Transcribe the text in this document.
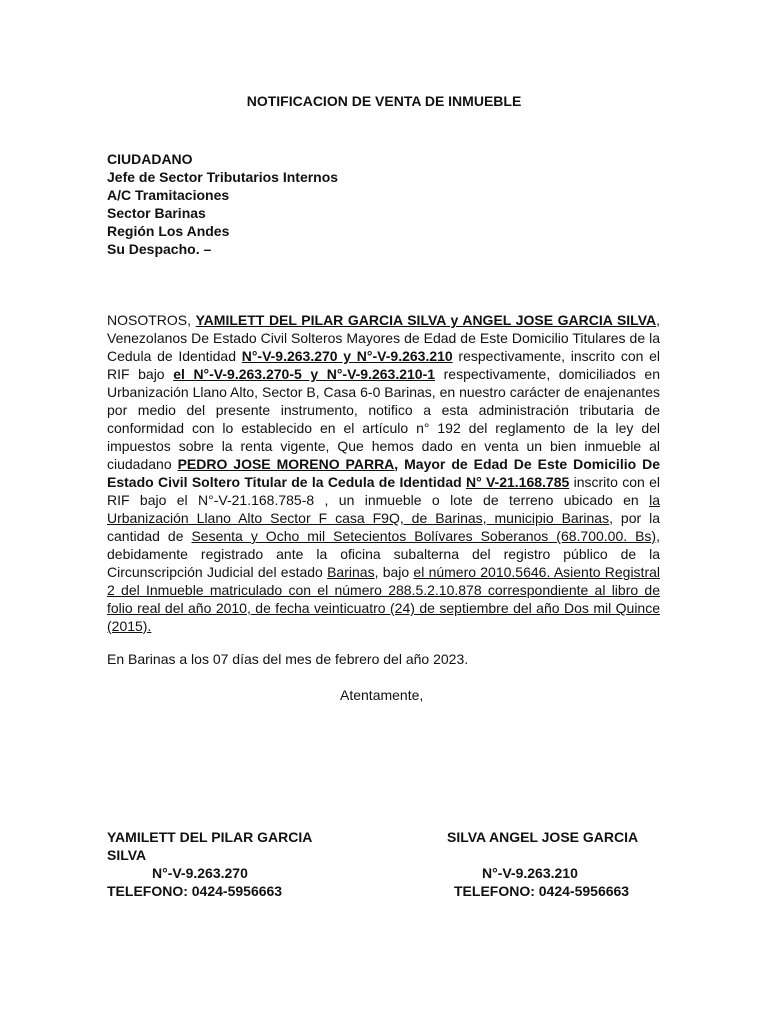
NOTIFICACION DE VENTA DE INMUEBLE
CIUDADANO
Jefe de Sector Tributarios Internos
A/C Tramitaciones
Sector Barinas
Región Los Andes
Su Despacho. –
NOSOTROS, YAMILETT DEL PILAR GARCIA SILVA y ANGEL JOSE GARCIA SILVA, Venezolanos De Estado Civil Solteros Mayores de Edad de Este Domicilio Titulares de la Cedula de Identidad N°-V-9.263.270 y N°-V-9.263.210 respectivamente, inscrito con el RIF bajo el N°-V-9.263.270-5 y N°-V-9.263.210-1 respectivamente, domiciliados en Urbanización Llano Alto, Sector B, Casa 6-0 Barinas, en nuestro carácter de enajenantes por medio del presente instrumento, notifico a esta administración tributaria de conformidad con lo establecido en el artículo n° 192 del reglamento de la ley del impuestos sobre la renta vigente, Que hemos dado en venta un bien inmueble al ciudadano PEDRO JOSE MORENO PARRA, Mayor de Edad De Este Domicilio De Estado Civil Soltero Titular de la Cedula de Identidad N° V-21.168.785 inscrito con el RIF bajo el N°-V-21.168.785-8 , un inmueble o lote de terreno ubicado en la Urbanización Llano Alto Sector F casa F9Q, de Barinas, municipio Barinas, por la cantidad de Sesenta y Ocho mil Setecientos Bolívares Soberanos (68.700.00. Bs), debidamente registrado ante la oficina subalterna del registro público de la Circunscripción Judicial del estado Barinas, bajo el número 2010.5646. Asiento Registral 2 del Inmueble matriculado con el número 288.5.2.10.878 correspondiente al libro de folio real del año 2010, de fecha veinticuatro (24) de septiembre del año Dos mil Quince (2015).
En Barinas a los 07 días del mes de febrero del año 2023.
Atentamente,
YAMILETT DEL PILAR GARCIA
SILVA
N°-V-9.263.270
TELEFONO: 0424-5956663
SILVA ANGEL JOSE GARCIA
N°-V-9.263.210
TELEFONO: 0424-5956663
